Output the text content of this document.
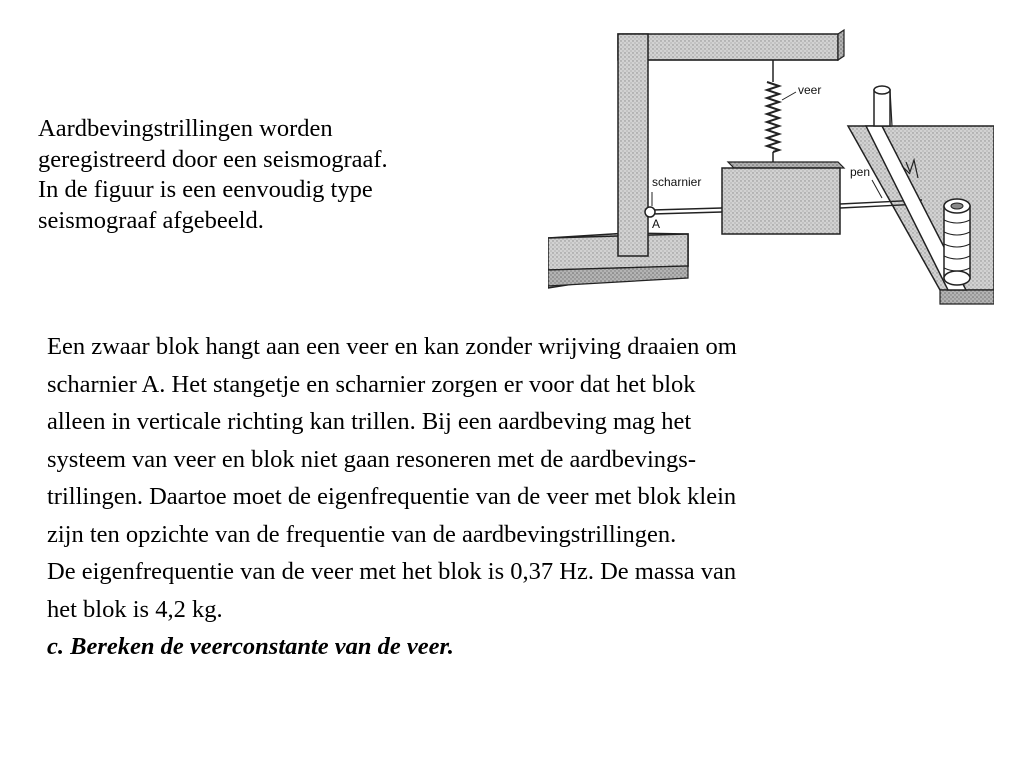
Aardbevingstrillingen worden
geregistreerd door een seismograaf.
In de figuur is een eenvoudig type
seismograaf afgebeeld.
veer
scharnier
A
pen
Een zwaar blok hangt aan een veer en kan zonder wrijving draaien om
scharnier A. Het stangetje en scharnier zorgen er voor dat het blok
alleen in verticale richting kan trillen. Bij een aardbeving mag het
systeem van veer en blok niet gaan resoneren met de aardbevings-
trillingen. Daartoe moet de eigenfrequentie van de veer met blok klein
zijn ten opzichte van de frequentie van de aardbevingstrillingen.
De eigenfrequentie van de veer met het blok is 0,37 Hz. De massa van
het blok is 4,2 kg.
c. Bereken de veerconstante van de veer.
